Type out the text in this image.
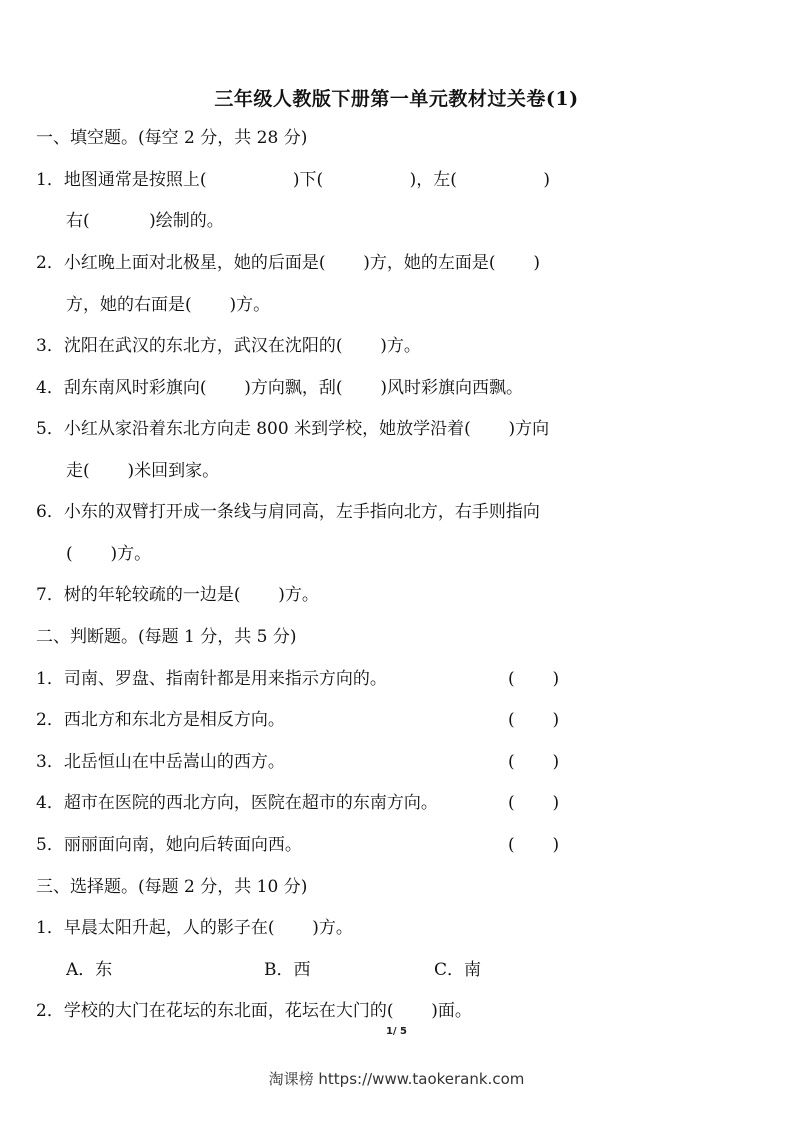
三年级人教版下册第一单元教材过关卷(1)
一、填空题。(每空 2 分，共 28 分)
1．地图通常是按照上(                )下(                )，左(                )
右(           )绘制的。
2．小红晚上面对北极星，她的后面是(       )方，她的左面是(       )
方，她的右面是(       )方。
3．沈阳在武汉的东北方，武汉在沈阳的(       )方。
4．刮东南风时彩旗向(       )方向飘，刮(       )风时彩旗向西飘。
5．小红从家沿着东北方向走 800 米到学校，她放学沿着(       )方向
走(       )米回到家。
6．小东的双臂打开成一条线与肩同高，左手指向北方，右手则指向
(       )方。
7．树的年轮较疏的一边是(       )方。
二、判断题。(每题 1 分，共 5 分)
1．司南、罗盘、指南针都是用来指示方向的。	(       )
2．西北方和东北方是相反方向。	(       )
3．北岳恒山在中岳嵩山的西方。	(       )
4．超市在医院的西北方向，医院在超市的东南方向。	(       )
5．丽丽面向南，她向后转面向西。	(       )
三、选择题。(每题 2 分，共 10 分)
1．早晨太阳升起，人的影子在(       )方。
A．东	B．西	C．南
2．学校的大门在花坛的东北面，花坛在大门的(       )面。
1/ 5
淘课榜 https://www.taokerank.com
